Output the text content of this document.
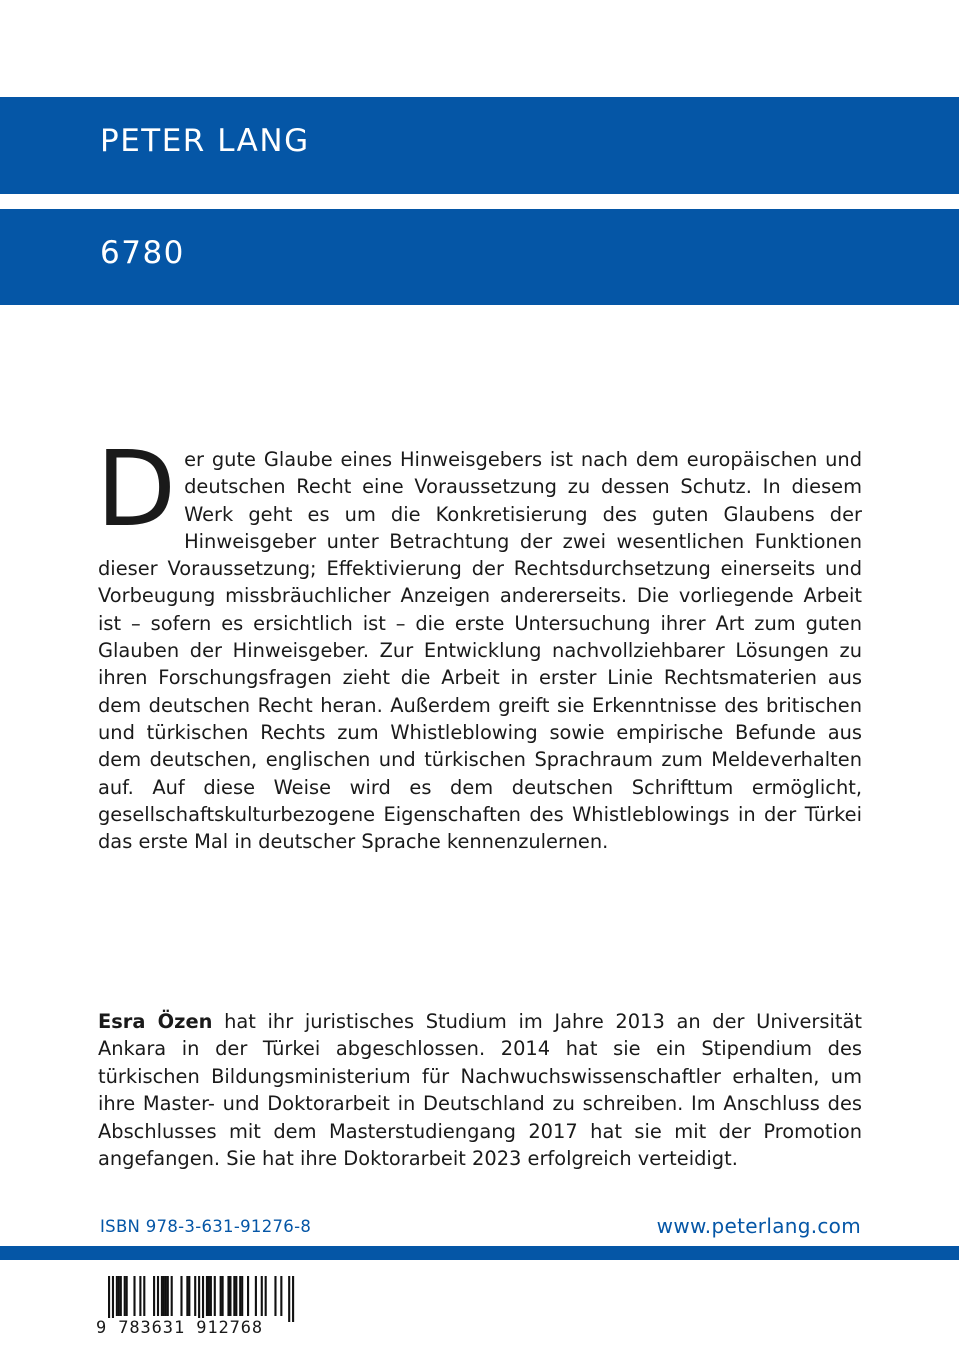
PETER LANG
6780
Der gute Glaube eines Hinweisgebers ist nach dem europäischen und deutschen Recht eine Voraussetzung zu dessen Schutz. In diesem Werk geht es um die Konkretisierung des guten Glaubens der Hinweisgeber unter Betrachtung der zwei wesentlichen Funktionen dieser Voraussetzung; Effektivierung der Rechtsdurchsetzung einerseits und Vorbeugung missbräuchlicher Anzeigen andererseits. Die vorliegende Arbeit ist – sofern es ersichtlich ist – die erste Untersuchung ihrer Art zum guten Glauben der Hinweisgeber. Zur Entwicklung nachvollziehbarer Lösungen zu ihren Forschungsfragen zieht die Arbeit in erster Linie Rechtsmaterien aus dem deutschen Recht heran. Außerdem greift sie Erkenntnisse des britischen und türkischen Rechts zum Whistleblowing sowie empirische Befunde aus dem deutschen, englischen und türkischen Sprachraum zum Meldeverhalten auf. Auf diese Weise wird es dem deutschen Schrifttum ermöglicht, gesellschaftskulturbezogene Eigenschaften des Whistleblowings in der Türkei das erste Mal in deutscher Sprache kennenzulernen.
Esra Özen hat ihr juristisches Studium im Jahre 2013 an der Universität Ankara in der Türkei abgeschlossen. 2014 hat sie ein Stipendium des türkischen Bildungsministerium für Nachwuchswissenschaftler erhalten, um ihre Master- und Doktorarbeit in Deutschland zu schreiben. Im Anschluss des Abschlusses mit dem Masterstudiengang 2017 hat sie mit der Promotion angefangen. Sie hat ihre Doktorarbeit 2023 erfolgreich verteidigt.
ISBN 978-3-631-91276-8	www.peterlang.com
9 783631 912768
